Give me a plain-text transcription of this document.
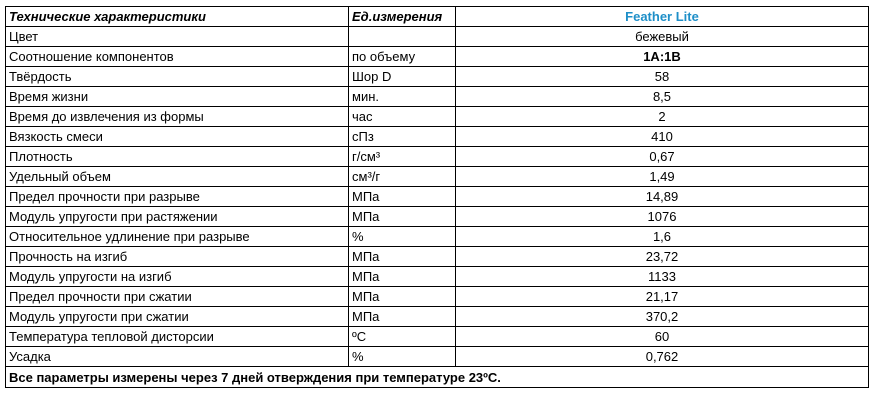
Технические характеристики	Ед.измерения	Feather Lite
Цвет		бежевый
Соотношение компонентов	по объему	1А:1В
Твёрдость	Шор D	58
Время жизни	мин.	8,5
Время до извлечения из формы	час	2
Вязкость смеси	сПз	410
Плотность	г/см³	0,67
Удельный объем	см³/г	1,49
Предел прочности при разрыве	МПа	14,89
Модуль упругости при растяжении	МПа	1076
Относительное удлинение при разрыве	%	1,6
Прочность на изгиб	МПа	23,72
Модуль упругости на изгиб	МПа	1133
Предел прочности при сжатии	МПа	21,17
Модуль упругости при сжатии	МПа	370,2
Температура тепловой дисторсии	ºС	60
Усадка	%	0,762
Все параметры измерены через 7 дней отверждения при температуре 23ºС.		
